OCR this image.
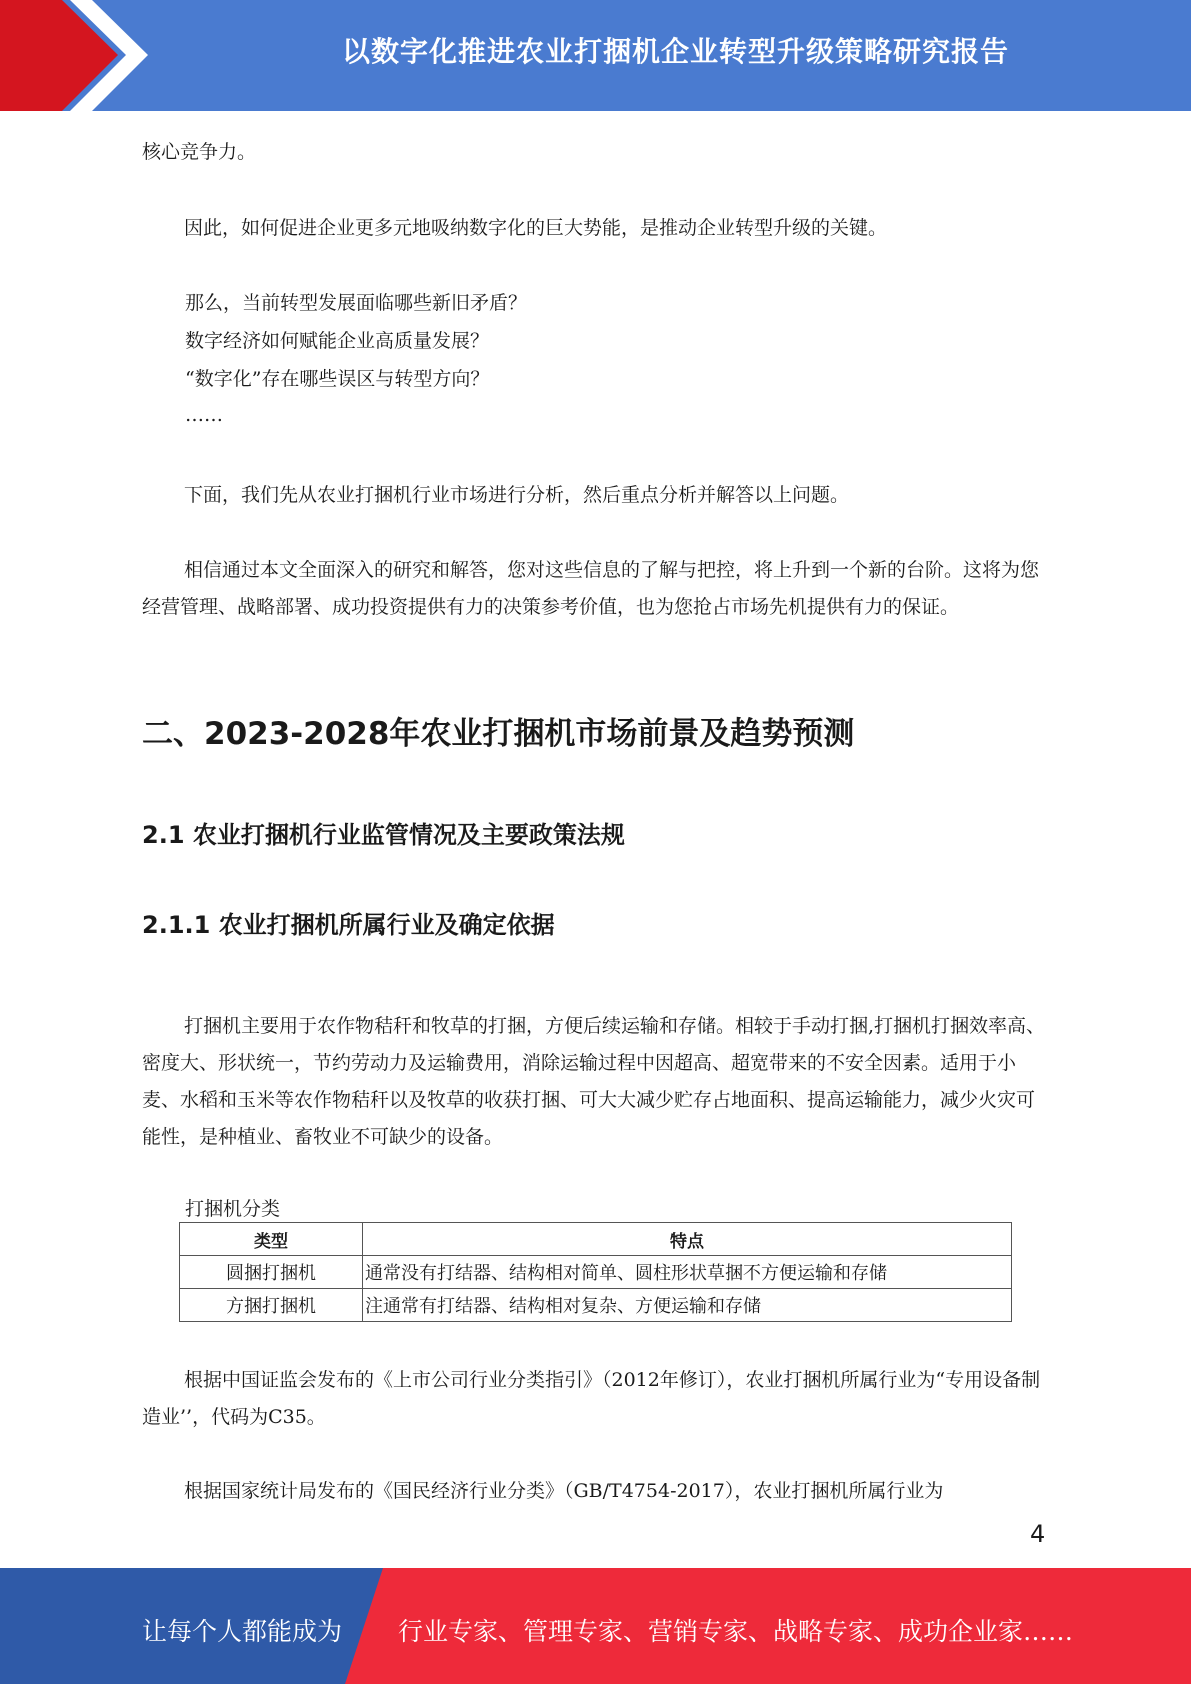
以数字化推进农业打捆机企业转型升级策略研究报告
核心竞争力。
因此，如何促进企业更多元地吸纳数字化的巨大势能，是推动企业转型升级的关键。
那么，当前转型发展面临哪些新旧矛盾？
数字经济如何赋能企业高质量发展？
“数字化”存在哪些误区与转型方向？
……
下面，我们先从农业打捆机行业市场进行分析，然后重点分析并解答以上问题。
相信通过本文全面深入的研究和解答，您对这些信息的了解与把控，将上升到一个新的台阶。这将为您经营管理、战略部署、成功投资提供有力的决策参考价值，也为您抢占市场先机提供有力的保证。
二、2023-2028年农业打捆机市场前景及趋势预测
2.1 农业打捆机行业监管情况及主要政策法规
2.1.1 农业打捆机所属行业及确定依据
打捆机主要用于农作物秸秆和牧草的打捆，方便后续运输和存储。相较于手动打捆,打捆机打捆效率高、密度大、形状统一，节约劳动力及运输费用，消除运输过程中因超高、超宽带来的不安全因素。适用于小麦、水稻和玉米等农作物秸秆以及牧草的收获打捆、可大大减少贮存占地面积、提高运输能力，减少火灾可能性，是种植业、畜牧业不可缺少的设备。
打捆机分类
类型	特点
圆捆打捆机	通常没有打结器、结构相对简单、圆柱形状草捆不方便运输和存储
方捆打捆机	注通常有打结器、结构相对复杂、方便运输和存储
根据中国证监会发布的《上市公司行业分类指引》（2012年修订），农业打捆机所属行业为“专用设备制造业’’，代码为C35。
根据国家统计局发布的《国民经济行业分类》（GB/T4754-2017），农业打捆机所属行业为
4
让每个人都能成为 行业专家、管理专家、营销专家、战略专家、成功企业家……
